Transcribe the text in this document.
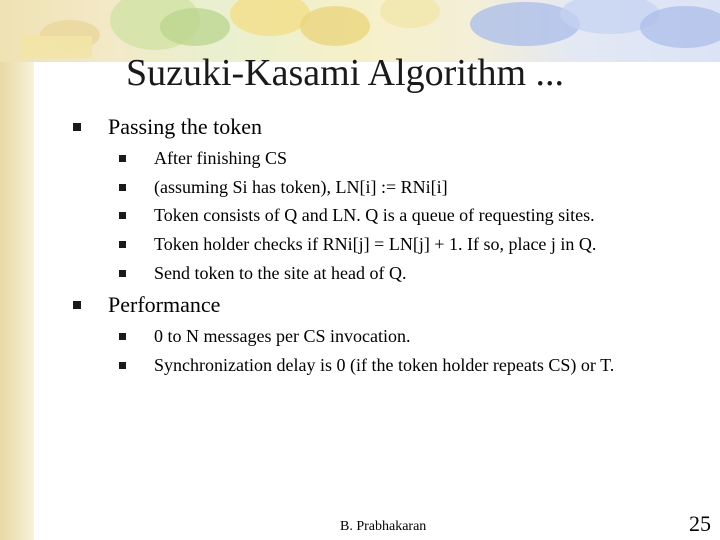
Suzuki-Kasami Algorithm ...
Passing the token
After finishing CS
(assuming Si has token), LN[i] := RNi[i]
Token consists of Q and LN. Q is a queue of requesting sites.
Token holder checks if RNi[j] = LN[j] + 1. If so, place j in Q.
Send token to the site at head of Q.
Performance
0 to N messages per CS invocation.
Synchronization delay is 0 (if the token holder repeats CS) or T.
B. Prabhakaran	25
